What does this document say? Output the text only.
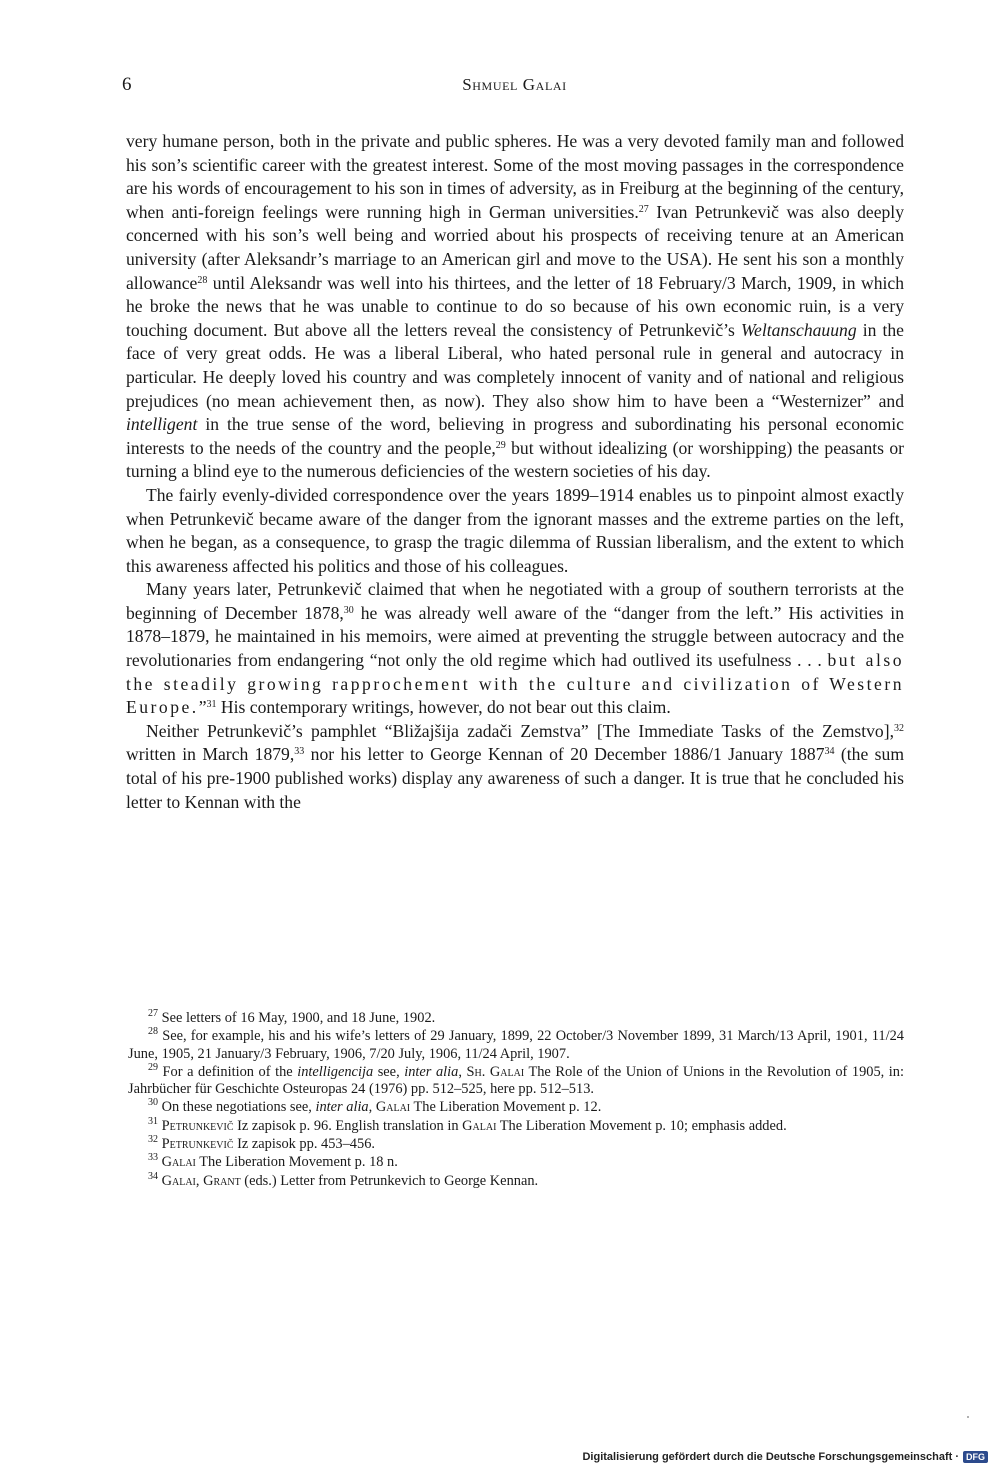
6	Shmuel Galai

very humane person, both in the private and public spheres. He was a very devoted family man and followed his son’s scientific career with the greatest interest. Some of the most moving passages in the correspondence are his words of encouragement to his son in times of adversity, as in Freiburg at the beginning of the century, when anti-foreign feelings were running high in German universities.$^{27}$ Ivan Petrunkevič was also deeply concerned with his son’s well being and worried about his prospects of receiving tenure at an American university (after Aleksandr’s marriage to an American girl and move to the USA). He sent his son a monthly allowance$^{28}$ until Aleksandr was well into his thirtees, and the letter of 18 February/3 March, 1909, in which he broke the news that he was unable to continue to do so because of his own economic ruin, is a very touching document. But above all the letters reveal the consistency of Petrunkevič’s Weltanschauung in the face of very great odds. He was a liberal Liberal, who hated personal rule in general and autocracy in particular. He deeply loved his country and was completely innocent of vanity and of national and religious prejudices (no mean achievement then, as now). They also show him to have been a “Westernizer” and intelligent in the true sense of the word, believing in progress and subordinating his personal economic interests to the needs of the country and the people,$^{29}$ but without idealizing (or worshipping) the peasants or turning a blind eye to the numerous deficiencies of the western societies of his day.

The fairly evenly-divided correspondence over the years 1899–1914 enables us to pinpoint almost exactly when Petrunkevič became aware of the danger from the ignorant masses and the extreme parties on the left, when he began, as a consequence, to grasp the tragic dilemma of Russian liberalism, and the extent to which this awareness affected his politics and those of his colleagues.

Many years later, Petrunkevič claimed that when he negotiated with a group of southern terrorists at the beginning of December 1878,30 he was already well aware of the “danger from the left.” His activities in 1878–1879, he maintained in his memoirs, were aimed at preventing the struggle between autocracy and the revolutionaries from endangering “not only the old regime which had outlived its usefulness . . . but also the steadily growing rapprochement with the culture and civilization of Western Europe.”$^{31}$ His contemporary writings, however, do not bear out this claim.

Neither Petrunkevič’s pamphlet “Bližajšija zadači Zemstva” [The Immediate Tasks of the Zemstvo],$^{32}$ written in March 1879,33 nor his letter to George Kennan of 20 December 1886/1 January 1887$^{34}$ (the sum total of his pre-1900 published works) display any awareness of such a danger. It is true that he concluded his letter to Kennan with the

$^{27}$ See letters of 16 May, 1900, and 18 June, 1902.

$^{28}$ See, for example, his and his wife’s letters of 29 January, 1899, 22 October/3 November 1899, 31 March/13 April, 1901, 11/24 June, 1905, 21 January/3 February, 1906, 7/20 July, 1906, 11/24 April, 1907.

$^{29}$ For a definition of the intelligencija see, inter alia, Sh. Galai The Role of the Union of Unions in the Revolution of 1905, in: Jahrbücher für Geschichte Osteuropas 24 (1976) pp. 512–525, here pp. 512–513.

$^{30}$ On these negotiations see, inter alia, Galai The Liberation Movement p. 12.

$^{31}$ Petrunkevič Iz zapisok p. 96. English translation in Galai The Liberation Movement p. 10; emphasis added.

$^{32}$ Petrunkevič Iz zapisok pp. 453–456.

$^{33}$ Galai The Liberation Movement p. 18 n.

$^{34}$ Galai, Grant (eds.) Letter from Petrunkevich to George Kennan.

Digitalisierung gefördert durch die Deutsche Forschungsgemeinschaft · DFG
